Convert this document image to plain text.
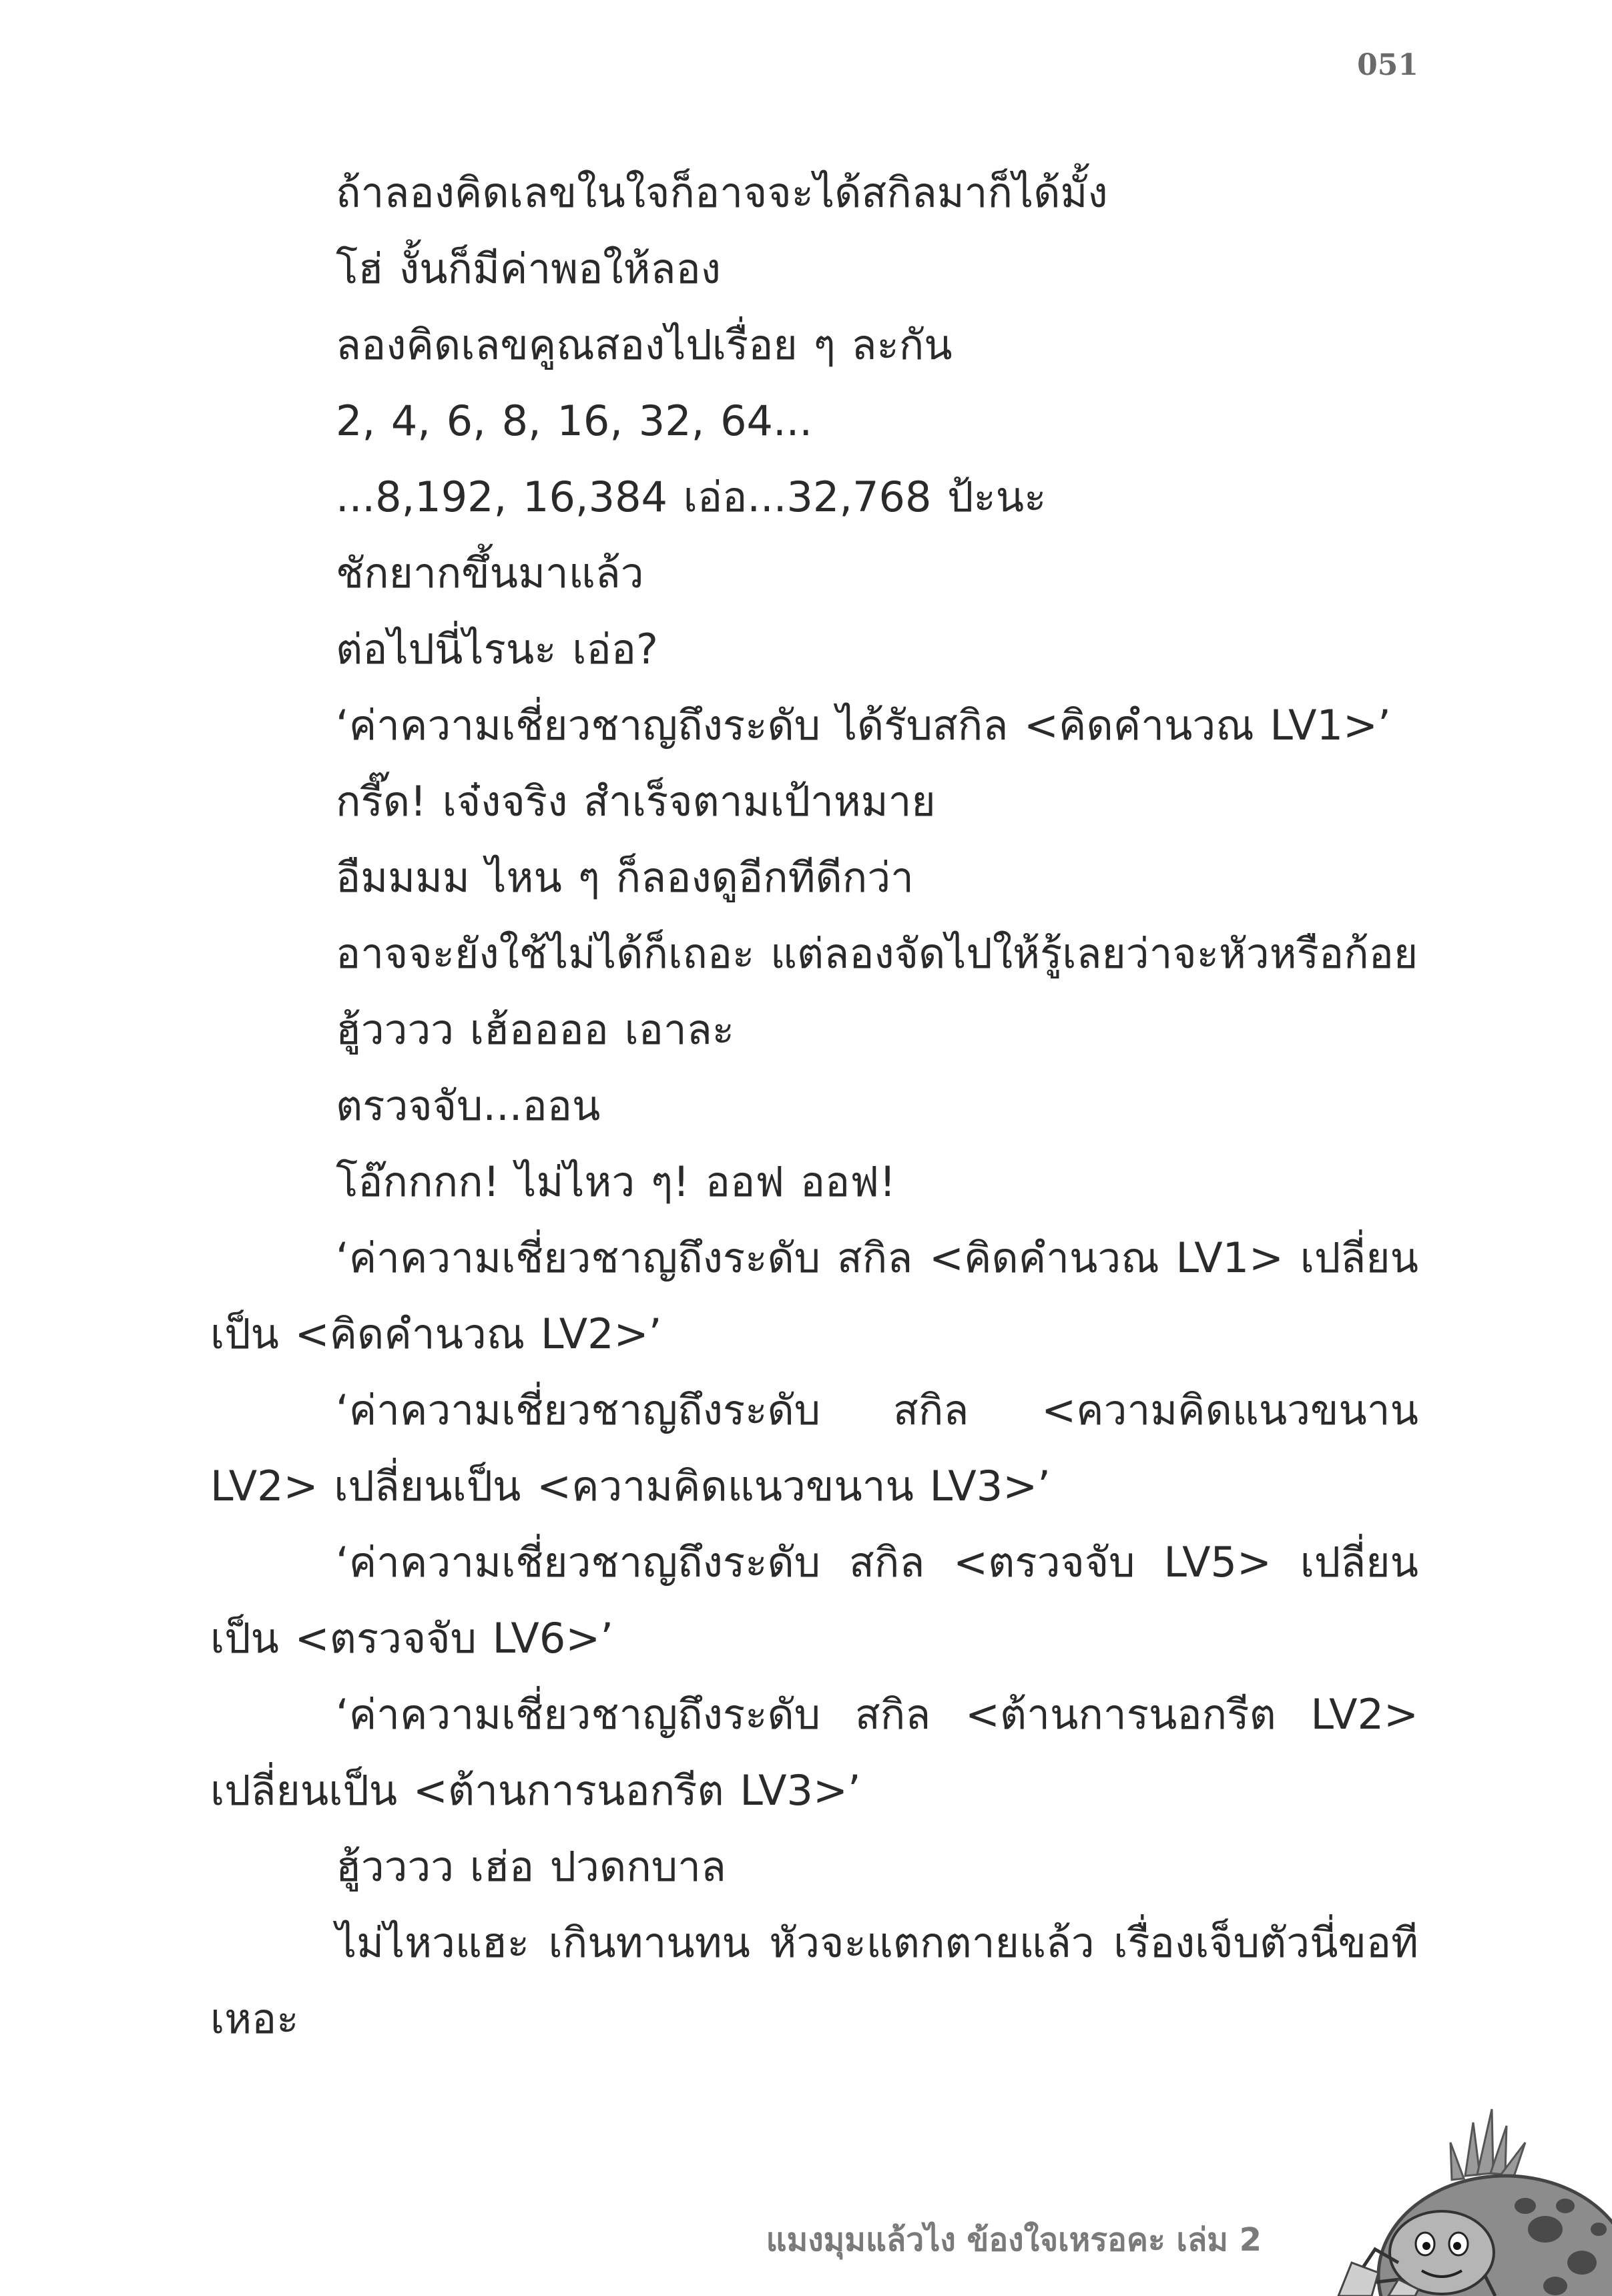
051

ถ้าลองคิดเลขในใจก็อาจจะได้สกิลมาก็ได้มั้ง

โฮ่ งั้นก็มีค่าพอให้ลอง

ลองคิดเลขคูณสองไปเรื่อย ๆ ละกัน

2, 4, 6, 8, 16, 32, 64...

...8,192, 16,384 เอ่อ...32,768 ป้ะนะ

ชักยากขึ้นมาแล้ว

ต่อไปนี่ไรนะ เอ่อ?

‘ค่าความเชี่ยวชาญถึงระดับ ได้รับสกิล <คิดคำนวณ LV1>’

กรี๊ด! เจ๋งจริง สำเร็จตามเป้าหมาย

อืมมมม ไหน ๆ ก็ลองดูอีกทีดีกว่า

อาจจะยังใช้ไม่ได้ก็เถอะ แต่ลองจัดไปให้รู้เลยว่าจะหัวหรือก้อย

ฮู้วววว เฮ้ออออ เอาละ

ตรวจจับ...ออน

โอ๊กกกก! ไม่ไหว ๆ! ออฟ ออฟ!

‘ค่าความเชี่ยวชาญถึงระดับ สกิล <คิดคำนวณ LV1> เปลี่ยนเป็น <คิดคำนวณ LV2>’

‘ค่าความเชี่ยวชาญถึงระดับ สกิล <ความคิดแนวขนาน LV2> เปลี่ยนเป็น <ความคิดแนวขนาน LV3>’

‘ค่าความเชี่ยวชาญถึงระดับ สกิล <ตรวจจับ LV5> เปลี่ยนเป็น <ตรวจจับ LV6>’

‘ค่าความเชี่ยวชาญถึงระดับ สกิล <ต้านการนอกรีต LV2> เปลี่ยนเป็น <ต้านการนอกรีต LV3>’

ฮู้วววว เฮ่อ ปวดกบาล

ไม่ไหวแฮะ เกินทานทน หัวจะแตกตายแล้ว เรื่องเจ็บตัวนี่ขอทีเหอะ

แมงมุมแล้วไง ข้องใจเหรอคะ เล่ม 2
